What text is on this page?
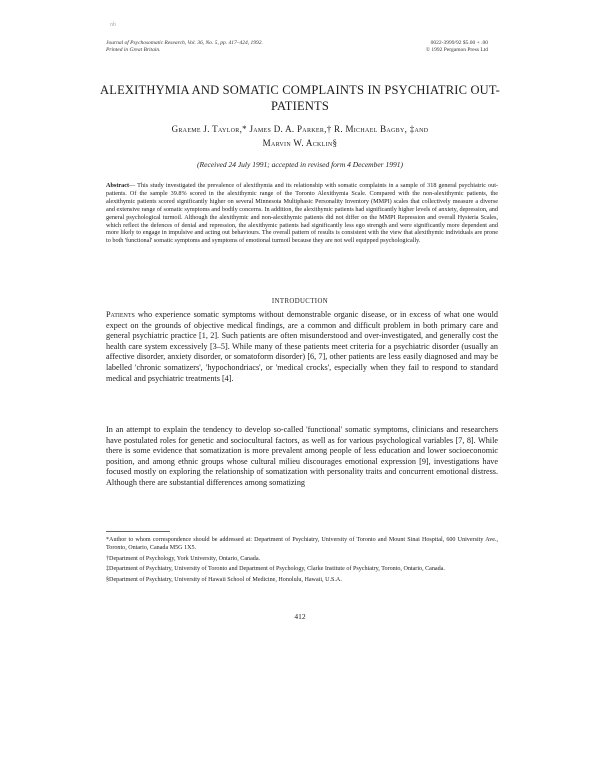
nb
Journal of Psychosomatic Research, Vol. 36, No. 5, pp. 417–424, 1992.
Printed in Great Britain.
0022-3999/92 $5.00 + .00
© 1992 Pergamon Press Ltd
ALEXITHYMIA AND SOMATIC COMPLAINTS IN PSYCHIATRIC OUT-PATIENTS
Graeme J. Taylor,* James D. A. Parker,† R. Michael Bagby, ‡and
Marvin W. Acklin§
(Received 24 July 1991; accepted in revised form 4 December 1991)

Abstract— This study investigated the prevalence of alexithymia and its relationship with somatic complaints in a sample of 318 general psychiatric out-patients. Of the sample 39.8% scored in the alexithymic range of the Toronto Alexithymia Scale. Compared with the non-alexithymic patients, the alexithymic patients scored significantly higher on several Minnesota Multiphasic Personality Inventory (MMPI) scales that collectively measure a diverse and extensive range of somatic symptoms and bodily concerns. In addition, the alexithymic patients had significantly higher levels of anxiety, depression, and general psychological turmoil. Although the alexithymic and non-alexithymic patients did not differ on the MMPI Repression and overall Hysteria Scales, which reflect the defences of denial and repression, the alexithymic patients had significantly less ego strength and were significantly more dependent and more likely to engage in impulsive and acting out behaviours. The overall pattern of results is consistent with the view that alexithymic individuals are prone to both 'functional' somatic symptoms and symptoms of emotional turmoil because they are not well equipped psychologically.

INTRODUCTION

Patients who experience somatic symptoms without demonstrable organic disease, or in excess of what one would expect on the grounds of objective medical findings, are a common and difficult problem in both primary care and general psychiatric practice [1, 2]. Such patients are often misunderstood and over-investigated, and generally cost the health care system excessively [3–5]. While many of these patients meet criteria for a psychiatric disorder (usually an affective disorder, anxiety disorder, or somatoform disorder) [6, 7], other patients are less easily diagnosed and may be labelled 'chronic somatizers', 'hypochondriacs', or 'medical crocks', especially when they fail to respond to standard medical and psychiatric treatments [4].

In an attempt to explain the tendency to develop so-called 'functional' somatic symptoms, clinicians and researchers have postulated roles for genetic and sociocultural factors, as well as for various psychological variables [7, 8]. While there is some evidence that somatization is more prevalent among people of less education and lower socioeconomic position, and among ethnic groups whose cultural milieu discourages emotional expression [9], investigations have focused mostly on exploring the relationship of somatization with personality traits and concurrent emotional distress. Although there are substantial differences among somatizing

*Author to whom correspondence should be addressed at: Department of Psychiatry, University of Toronto and Mount Sinai Hospital, 600 University Ave., Toronto, Ontario, Canada M5G 1X5.

†Department of Psychology, York University, Ontario, Canada.

‡Department of Psychiatry, University of Toronto and Department of Psychology, Clarke Institute of Psychiatry, Toronto, Ontario, Canada.

§Department of Psychiatry, University of Hawaii School of Medicine, Honolulu, Hawaii, U.S.A.

412
